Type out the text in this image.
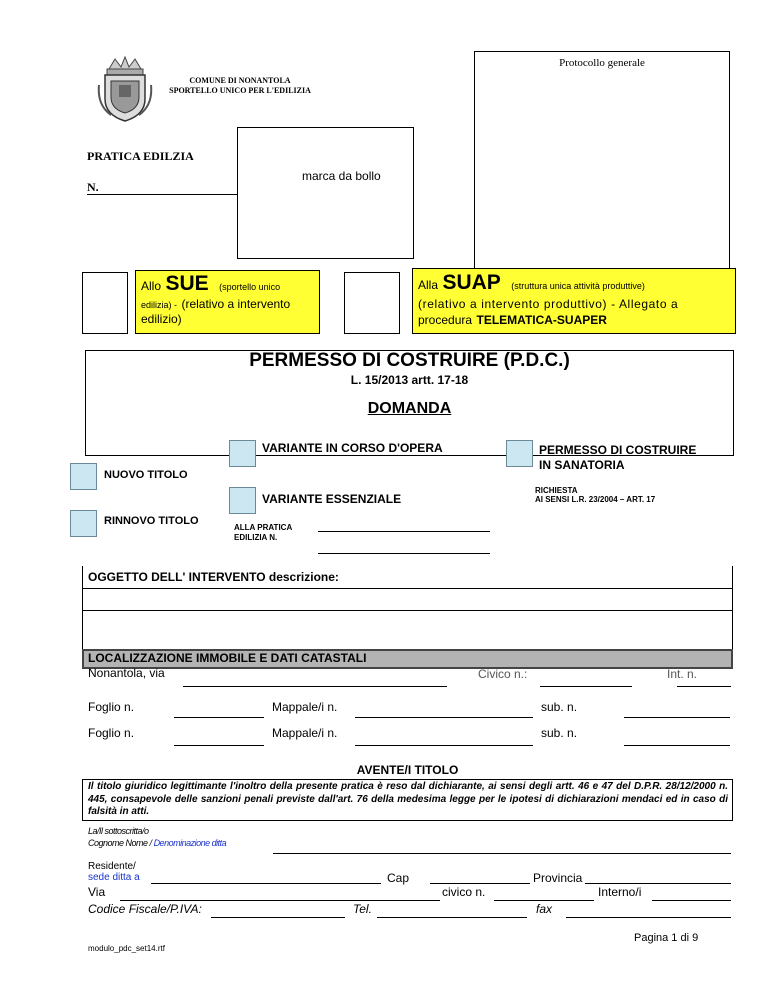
Protocollo generale
COMUNE DI NONANTOLA
SPORTELLO UNICO PER L'EDILIZIA
PRATICA EDILZIA
N.
marca da bollo
Allo SUE (sportello unico
edilizia) - (relativo a intervento
edilizio)
Alla SUAP (struttura unica attività produttive)
(relativo a intervento produttivo) - Allegato a
procedura TELEMATICA-SUAPER
PERMESSO DI COSTRUIRE (P.D.C.)
L. 15/2013 artt. 17-18
DOMANDA
VARIANTE IN CORSO D'OPERA	PERMESSO DI COSTRUIRE
IN SANATORIA
NUOVO TITOLO
RICHIESTA
AI SENSI L.R. 23/2004 – ART. 17
VARIANTE ESSENZIALE
RINNOVO TITOLO
ALLA PRATICA
EDILIZIA N.
OGGETTO DELL' INTERVENTO descrizione:
LOCALIZZAZIONE IMMOBILE E DATI CATASTALI
Nonantola, via	Civico n.:	Int. n.
Foglio n.	Mappale/i n.	sub. n.
Foglio n.	Mappale/i n.	sub. n.
AVENTE/I TITOLO
Il titolo giuridico legittimante l'inoltro della presente pratica è reso dal dichiarante, ai sensi degli artt. 46 e 47 del D.P.R. 28/12/2000 n. 445, consapevole delle sanzioni penali previste dall'art. 76 della medesima legge per le ipotesi di dichiarazioni mendaci ed in caso di falsità in atti.
La/Il sottoscritta/o
Cognome Nome / Denominazione ditta
Residente/
sede ditta a	Cap	Provincia
Via	civico n.	Interno/i
Codice Fiscale/P.IVA:	Tel.	fax
Pagina 1 di 9
modulo_pdc_set14.rtf
